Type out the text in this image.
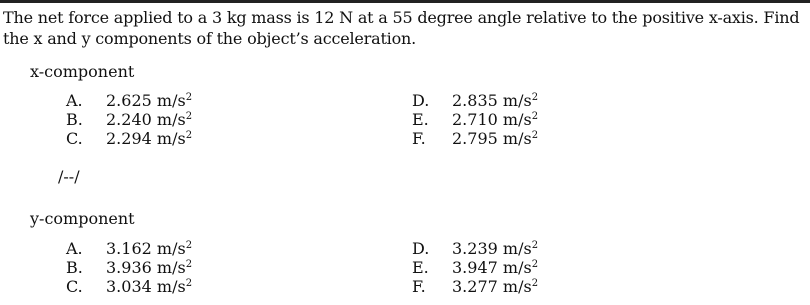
The net force applied to a 3 kg mass is 12 N at a 55 degree angle relative to the positive x-axis. Find the x and y components of the object’s acceleration.
x-component
A. 2.625 $m/s^2$
B. 2.240 $m/s^2$
C. 2.294 $m/s^2$
D. 2.835 $m/s^2$
E. 2.710 $m/s^2$
F. 2.795 $m/s^2$
/--/
y-component
A. 3.162 $m/s^2$
B. 3.936 $m/s^2$
C. 3.034 $m/s^2$
D. 3.239 $m/s^2$
E. 3.947 $m/s^2$
F. 3.277 $m/s^2$
